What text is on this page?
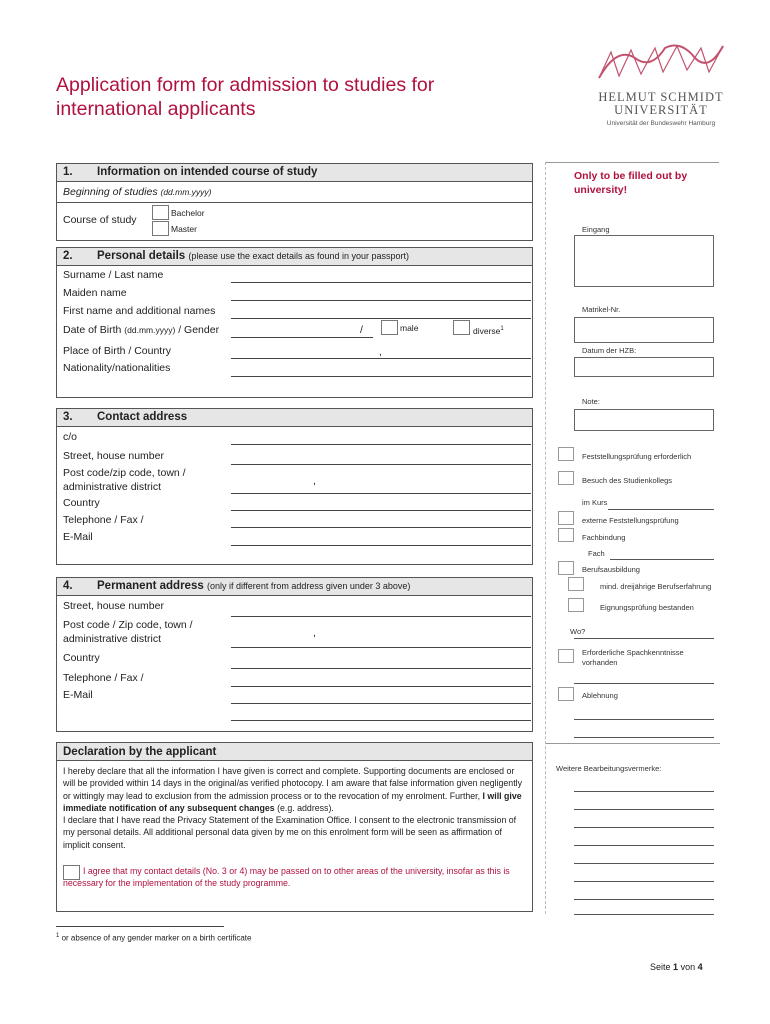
Application form for admission to studies for
international applicants
HELMUT SCHMIDT
UNIVERSITÄT
Universität der Bundeswehr Hamburg
1. Information on intended course of study
Beginning of studies (dd.mm.yyyy)
Course of study
Bachelor
Master
2. Personal details (please use the exact details as found in your passport)
Surname / Last name
Maiden name
First name and additional names
Date of Birth (dd.mm.yyyy) / Gender	/	male	diverse$^1$
Place of Birth / Country	,
Nationality/nationalities
3. Contact address
c/o
Street, house number
Post code/zip code, town /
administrative district	,
Country
Telephone / Fax /
E-Mail
4. Permanent address (only if different from address given under 3 above)
Street, house number
Post code / Zip code, town /
administrative district	,
Country
Telephone / Fax /
E-Mail
Declaration by the applicant
I hereby declare that all the information I have given is correct and complete. Supporting documents are enclosed or will be provided within 14 days in the original/as verified photocopy. I am aware that false information given negligently or wittingly may lead to exclusion from the admission process or to the revocation of my enrolment. Further, I will give immediate notification of any subsequent changes (e.g. address).
I declare that I have read the Privacy Statement of the Examination Office. I consent to the electronic transmission of my personal details. All additional personal data given by me on this enrolment form will be seen as affirmation of implicit consent.
I agree that my contact details (No. 3 or 4) may be passed on to other areas of the university, insofar as this is necessary for the implementation of the study programme.
Only to be filled out by university!
Eingang
Matrikel-Nr.
Datum der HZB:
Note:
Feststellungsprüfung erforderlich
Besuch des Studienkollegs
im Kurs
externe Feststellungsprüfung
Fachbindung
Fach
Berufsausbildung
mind. dreijährige Berufserfahrung
Eignungsprüfung bestanden
Wo?
Erforderliche Spachkenntnisse vorhanden
Ablehnung
Weitere Bearbeitungsvermerke:
$^1$ or absence of any gender marker on a birth certificate
Seite 1 von 4
